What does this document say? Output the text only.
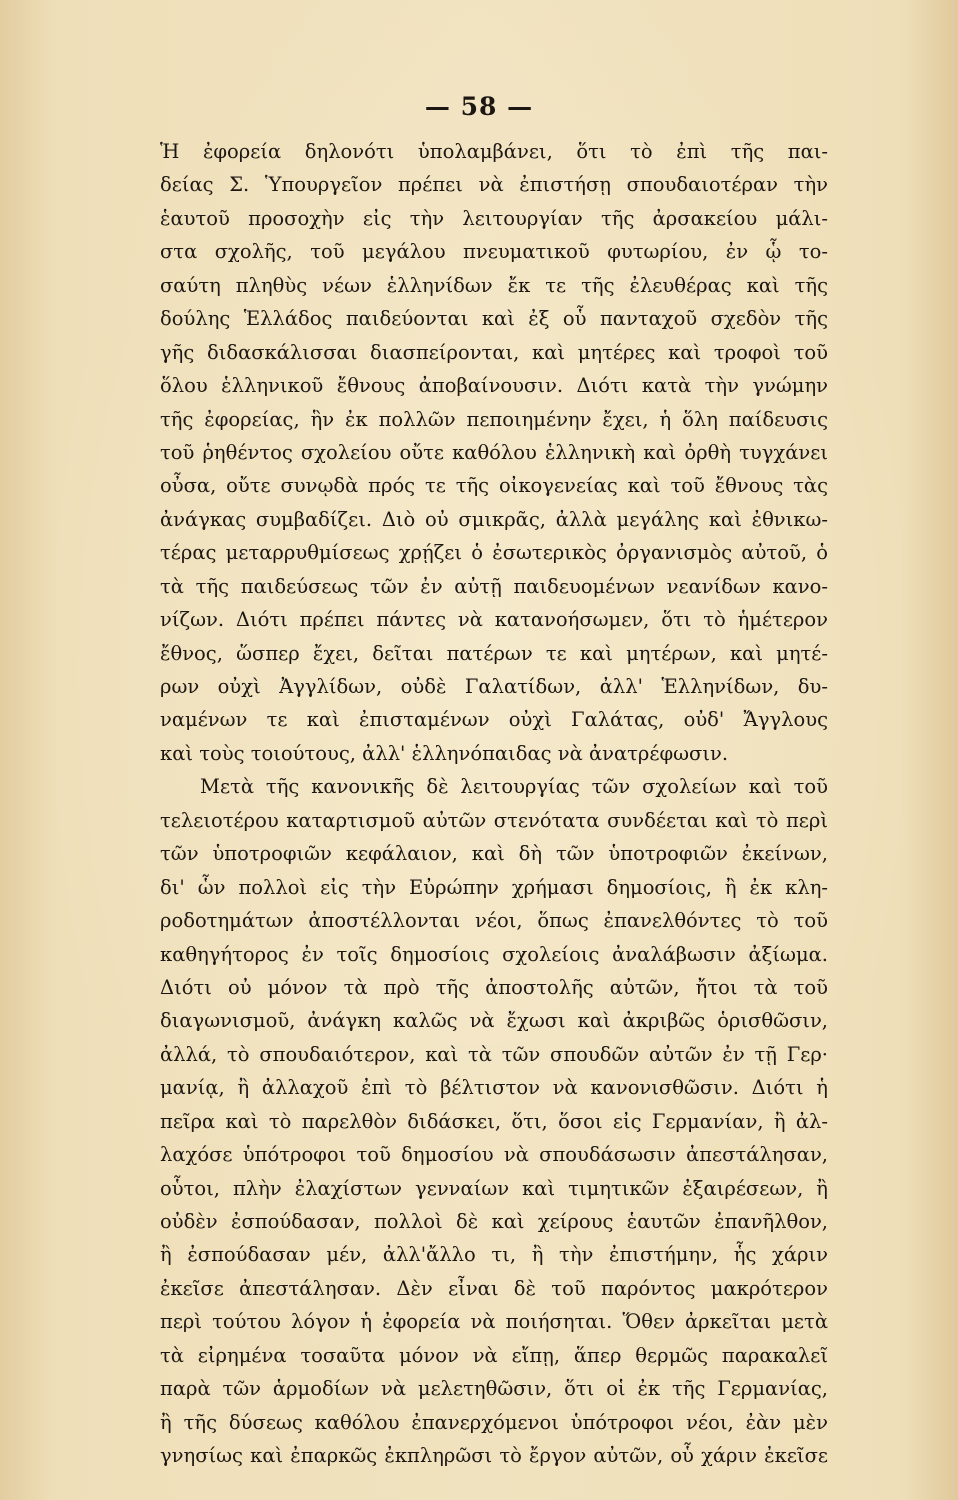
— 58 —
Ἡ ἐφορεία δηλονότι ὑπολαμβάνει, ὅτι τὸ ἐπὶ τῆς παι-
δείας Σ. Ὑπουργεῖον πρέπει νὰ ἐπιστήσῃ σπουδαιοτέραν τὴν
ἑαυτοῦ προσοχὴν εἰς τὴν λειτουργίαν τῆς ἀρσακείου μάλι-
στα σχολῆς, τοῦ μεγάλου πνευματικοῦ φυτωρίου, ἐν ᾧ το-
σαύτη πληθὺς νέων ἑλληνίδων ἔκ τε τῆς ἐλευθέρας καὶ τῆς
δούλης Ἑλλάδος παιδεύονται καὶ ἐξ οὗ πανταχοῦ σχεδὸν τῆς
γῆς διδασκάλισσαι διασπείρονται, καὶ μητέρες καὶ τροφοὶ τοῦ
ὅλου ἑλληνικοῦ ἔθνους ἀποβαίνουσιν. Διότι κατὰ τὴν γνώμην
τῆς ἐφορείας, ἣν ἐκ πολλῶν πεποιημένην ἔχει, ἡ ὅλη παίδευσις
τοῦ ῥηθέντος σχολείου οὔτε καθόλου ἑλληνικὴ καὶ ὀρθὴ τυγχάνει
οὖσα, οὔτε συνῳδὰ πρός τε τῆς οἰκογενείας καὶ τοῦ ἔθνους τὰς
ἀνάγκας συμβαδίζει. Διὸ οὐ σμικρᾶς, ἀλλὰ μεγάλης καὶ ἐθνικω-
τέρας μεταρρυθμίσεως χρῄζει ὁ ἐσωτερικὸς ὀργανισμὸς αὐτοῦ, ὁ
τὰ τῆς παιδεύσεως τῶν ἐν αὐτῇ παιδευομένων νεανίδων κανο-
νίζων. Διότι πρέπει πάντες νὰ κατανοήσωμεν, ὅτι τὸ ἡμέτερον
ἔθνος, ὥσπερ ἔχει, δεῖται πατέρων τε καὶ μητέρων, καὶ μητέ-
ρων οὐχὶ Ἀγγλίδων, οὐδὲ Γαλατίδων, ἀλλ' Ἑλληνίδων, δυ-
ναμένων τε καὶ ἐπισταμένων οὐχὶ Γαλάτας, οὐδ' Ἄγγλους
καὶ τοὺς τοιούτους, ἀλλ' ἑλληνόπαιδας νὰ ἀνατρέφωσιν.
Μετὰ τῆς κανονικῆς δὲ λειτουργίας τῶν σχολείων καὶ τοῦ
τελειοτέρου καταρτισμοῦ αὐτῶν στενότατα συνδέεται καὶ τὸ περὶ
τῶν ὑποτροφιῶν κεφάλαιον, καὶ δὴ τῶν ὑποτροφιῶν ἐκείνων,
δι' ὧν πολλοὶ εἰς τὴν Εὐρώπην χρήμασι δημοσίοις, ἢ ἐκ κλη-
ροδοτημάτων ἀποστέλλονται νέοι, ὅπως ἐπανελθόντες τὸ τοῦ
καθηγήτορος ἐν τοῖς δημοσίοις σχολείοις ἀναλάβωσιν ἀξίωμα.
Διότι οὐ μόνον τὰ πρὸ τῆς ἀποστολῆς αὐτῶν, ἤτοι τὰ τοῦ
διαγωνισμοῦ, ἀνάγκη καλῶς νὰ ἔχωσι καὶ ἀκριβῶς ὁρισθῶσιν,
ἀλλά, τὸ σπουδαιότερον, καὶ τὰ τῶν σπουδῶν αὐτῶν ἐν τῇ Γερ·
μανίᾳ, ἢ ἀλλαχοῦ ἐπὶ τὸ βέλτιστον νὰ κανονισθῶσιν. Διότι ἡ
πεῖρα καὶ τὸ παρελθὸν διδάσκει, ὅτι, ὅσοι εἰς Γερμανίαν, ἢ ἀλ-
λαχόσε ὑπότροφοι τοῦ δημοσίου νὰ σπουδάσωσιν ἀπεστάλησαν,
οὗτοι, πλὴν ἐλαχίστων γενναίων καὶ τιμητικῶν ἐξαιρέσεων, ἢ
οὐδὲν ἐσπούδασαν, πολλοὶ δὲ καὶ χείρους ἑαυτῶν ἐπανῆλθον,
ἢ ἐσπούδασαν μέν, ἀλλ'ἄλλο τι, ἢ τὴν ἐπιστήμην, ἧς χάριν
ἐκεῖσε ἀπεστάλησαν. Δὲν εἶναι δὲ τοῦ παρόντος μακρότερον
περὶ τούτου λόγον ἡ ἐφορεία νὰ ποιήσηται. Ὅθεν ἀρκεῖται μετὰ
τὰ εἰρημένα τοσαῦτα μόνον νὰ εἴπῃ, ἅπερ θερμῶς παρακαλεῖ
παρὰ τῶν ἁρμοδίων νὰ μελετηθῶσιν, ὅτι οἱ ἐκ τῆς Γερμανίας,
ἢ τῆς δύσεως καθόλου ἐπανερχόμενοι ὑπότροφοι νέοι, ἐὰν μὲν
γνησίως καὶ ἐπαρκῶς ἐκπληρῶσι τὸ ἔργον αὐτῶν, οὗ χάριν ἐκεῖσε
